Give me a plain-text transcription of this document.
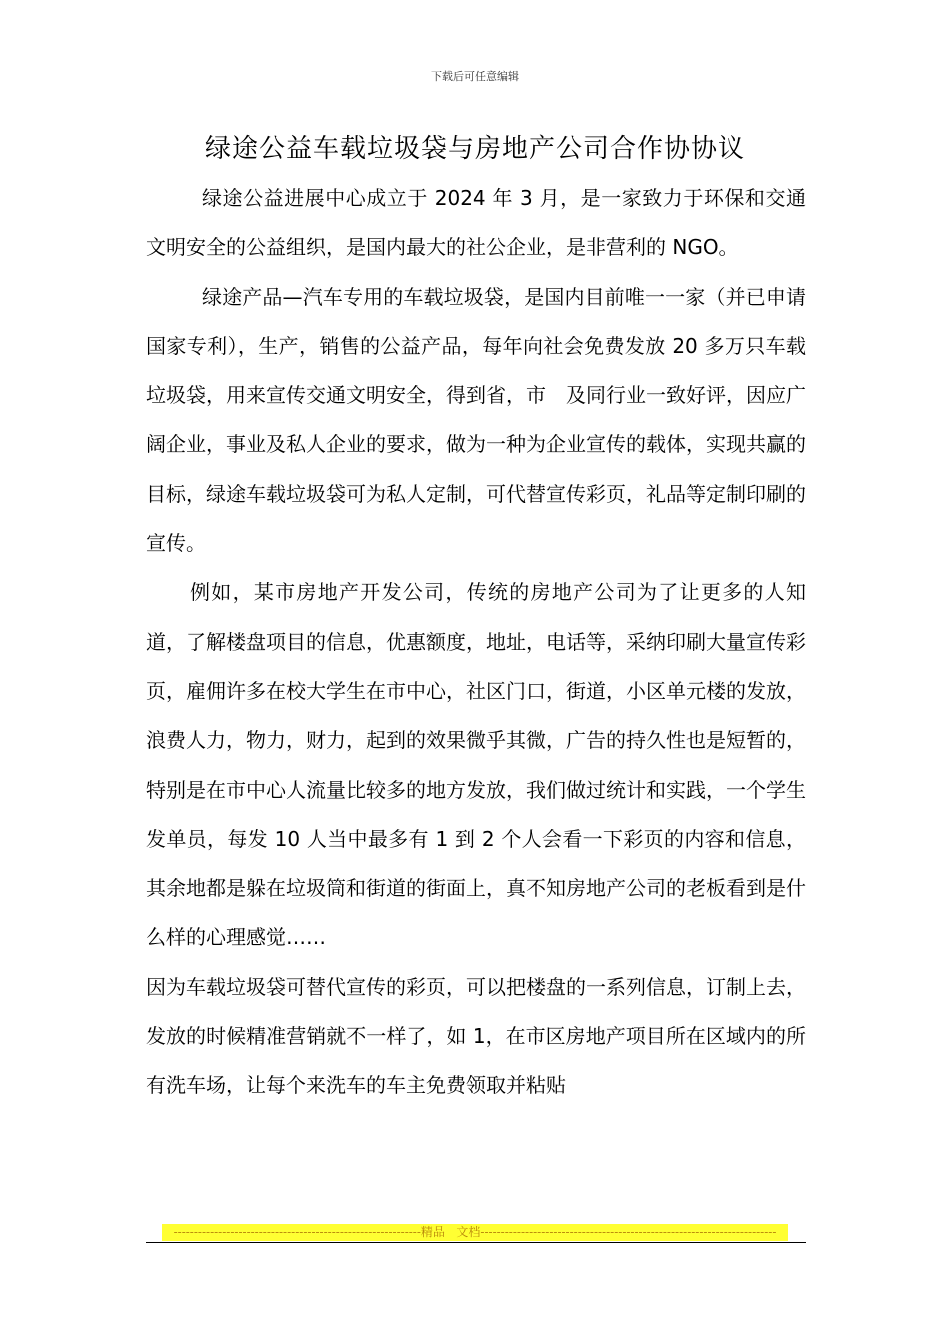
下载后可任意编辑
绿途公益车载垃圾袋与房地产公司合作协协议

绿途公益进展中心成立于 2024 年 3 月，是一家致力于环保和交通文明安全的公益组织，是国内最大的社公企业，是非营利的 NGO。

绿途产品—汽车专用的车载垃圾袋，是国内目前唯一一家（并已申请国家专利），生产，销售的公益产品，每年向社会免费发放 20 多万只车载垃圾袋，用来宣传交通文明安全，得到省，市　及同行业一致好评，因应广阔企业，事业及私人企业的要求，做为一种为企业宣传的载体，实现共赢的目标，绿途车载垃圾袋可为私人定制，可代替宣传彩页，礼品等定制印刷的宣传。

例如，某市房地产开发公司，传统的房地产公司为了让更多的人知道，了解楼盘项目的信息，优惠额度，地址，电话等，采纳印刷大量宣传彩页，雇佣许多在校大学生在市中心，社区门口，街道，小区单元楼的发放，浪费人力，物力，财力，起到的效果微乎其微，广告的持久性也是短暂的，特别是在市中心人流量比较多的地方发放，我们做过统计和实践，一个学生发单员，每发 10 人当中最多有 1 到 2 个人会看一下彩页的内容和信息，其余地都是躲在垃圾筒和街道的街面上，真不知房地产公司的老板看到是什么样的心理感觉……

因为车载垃圾袋可替代宣传的彩页，可以把楼盘的一系列信息，订制上去，发放的时候精准营销就不一样了，如 1，在市区房地产项目所在区域内的所有洗车场，让每个来洗车的车主免费领取并粘贴

-------------------------------------------------------------精品 文档-------------------------------------------------------------------------
